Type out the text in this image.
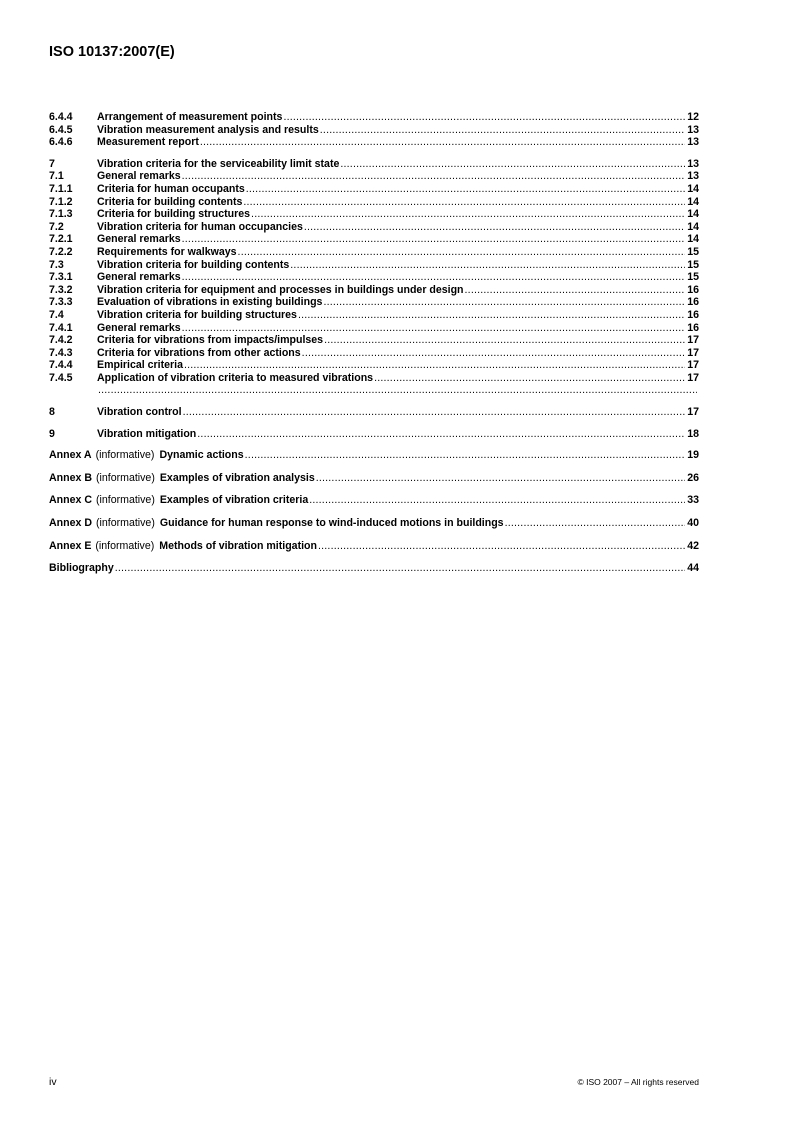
ISO 10137:2007(E)
6.4.4	Arrangement of measurement points .....	12
6.4.5	Vibration measurement analysis and results .....	13
6.4.6	Measurement report .....	13
7	Vibration criteria for the serviceability limit state .....	13
7.1	General remarks .....	13
7.1.1	Criteria for human occupants .....	14
7.1.2	Criteria for building contents .....	14
7.1.3	Criteria for building structures .....	14
7.2	Vibration criteria for human occupancies .....	14
7.2.1	General remarks .....	14
7.2.2	Requirements for walkways .....	15
7.3	Vibration criteria for building contents .....	15
7.3.1	General remarks .....	15
7.3.2	Vibration criteria for equipment and processes in buildings under design .....	16
7.3.3	Evaluation of vibrations in existing buildings .....	16
7.4	Vibration criteria for building structures .....	16
7.4.1	General remarks .....	16
7.4.2	Criteria for vibrations from impacts/impulses .....	17
7.4.3	Criteria for vibrations from other actions .....	17
7.4.4	Empirical criteria .....	17
7.4.5	Application of vibration criteria to measured vibrations .....	17
.....
8	Vibration control .....	17
9	Vibration mitigation .....	18
Annex A (informative) Dynamic actions .....	19
Annex B (informative) Examples of vibration analysis .....	26
Annex C (informative) Examples of vibration criteria .....	33
Annex D (informative) Guidance for human response to wind-induced motions in buildings .....	40
Annex E (informative) Methods of vibration mitigation .....	42
Bibliography .....	44
iv	© ISO 2007 – All rights reserved
